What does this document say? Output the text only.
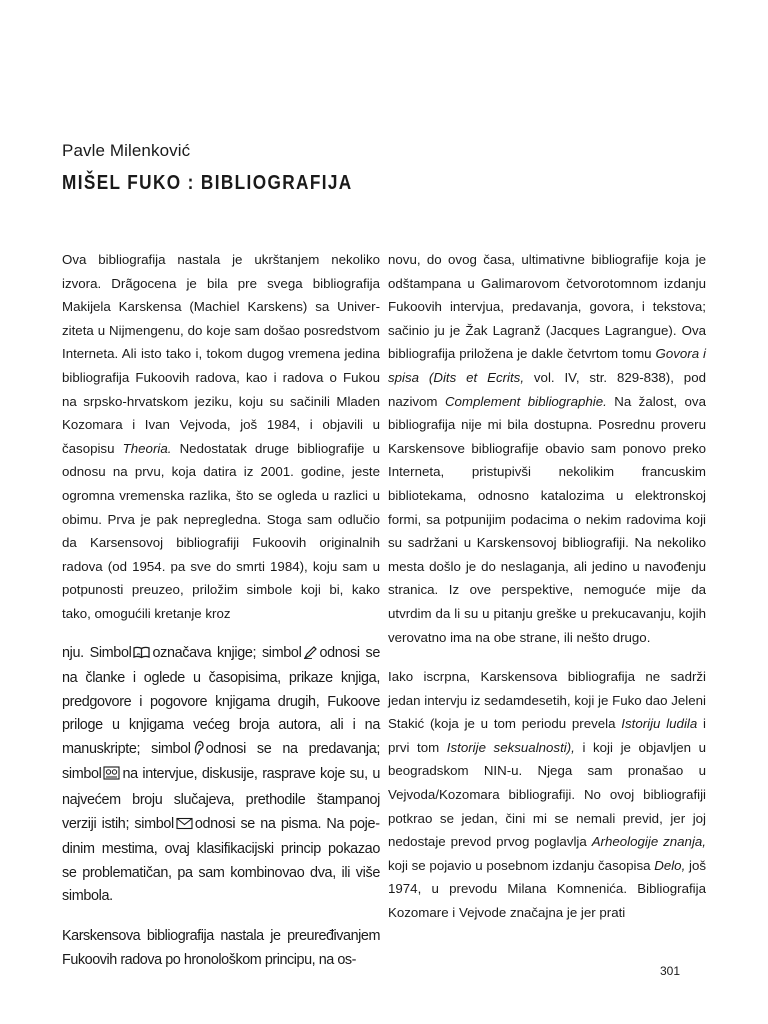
Pavle Milenković
MIŠEL FUKO : BIBLIOGRAFIJA

Ova bibliografija nastala je ukrštanjem nekoliko izvora. Drãgocena je bila pre svega bibliografija Makijela Karskensa (Machiel Karskens) sa Univerziteta u Nijmengenu, do koje sam došao posredstvom Interneta. Ali isto tako i, tokom dugog vremena jedina bibliografija Fukoovih radova, kao i radova o Fukou na srpsko-hrvatskom jeziku, koju su sačinili Mladen Kozomara i Ivan Vejvoda, još 1984, i objavili u časopisu Theoria. Nedostatak druge bibliografije u odnosu na prvu, koja datira iz 2001. godine, jeste ogromna vremenska razlika, što se ogleda u razlici u obimu. Prva je pak nepregledna. Stoga sam odlučio da Karsensovoj bibliografiji Fukoovih originalnih radova (od 1954. pa sve do smrti 1984), koju sam u potpunosti preuzeo, priložim simbole koji bi, kako tako, omogućili kretanje kroz

nju. Simbol označava knjige; simbol odnosi se na članke i oglede u časopisima, prikaze knjiga, predgovore i pogovore knjigama drugih, Fukoove priloge u knjigama većeg broja autora, ali i na manuskripte; simbol odnosi se na predavanja; simbol na intervjue, diskusije, rasprave koje su, u najvećem broju slučajeva, prethodile štampanoj verziji istih; simbol odnosi se na pisma. Na pojedinim mestima, ovaj klasifikacijski princip pokazao se problematičan, pa sam kombinovao dva, ili više simbola.

Karskensova bibliografija nastala je preuređivanjem Fukoovih radova po hronološkom principu, na os-

novu, do ovog časa, ultimativne bibliografije koja je odštampana u Galimarovom četvorotomnom izdanju Fukoovih intervjua, predavanja, govora, i tekstova; sačinio ju je Žak Lagranž (Jacques Lagrangue). Ova bibliografija priložena je dakle četvrtom tomu Govora i spisa (Dits et Ecrits, vol. IV, str. 829-838), pod nazivom Complement bibliographie. Na žalost, ova bibliografija nije mi bila dostupna. Posrednu proveru Karskensove bibliografije obavio sam ponovo preko Interneta, pristupivši nekolikim francuskim bibliotekama, odnosno katalozima u elektronskoj formi, sa potpunijim podacima o nekim radovima koji su sadržani u Karskensovoj bibliografiji. Na nekoliko mesta došlo je do neslaganja, ali jedino u navođenju stranica. Iz ove perspektive, nemoguće mije da utvrdim da li su u pitanju greške u prekucavanju, kojih verovatno ima na obe strane, ili nešto drugo.

Iako iscrpna, Karskensova bibliografija ne sadrži jedan intervju iz sedamdesetih, koji je Fuko dao Jeleni Stakić (koja je u tom periodu prevela Istoriju ludila i prvi tom Istorije seksualnosti), i koji je objavljen u beogradskom NIN-u. Njega sam pronašao u Vejvoda/Kozomara bibliografiji. No ovoj bibliografiji potkrao se jedan, čini mi se nemali previd, jer joj nedostaje prevod prvog poglavlja Arheologije znanja, koji se pojavio u posebnom izdanju časopisa Delo, još 1974, u prevodu Milana Komnenića. Bibliografija Kozomare i Vejvode značajna je jer prati

301
